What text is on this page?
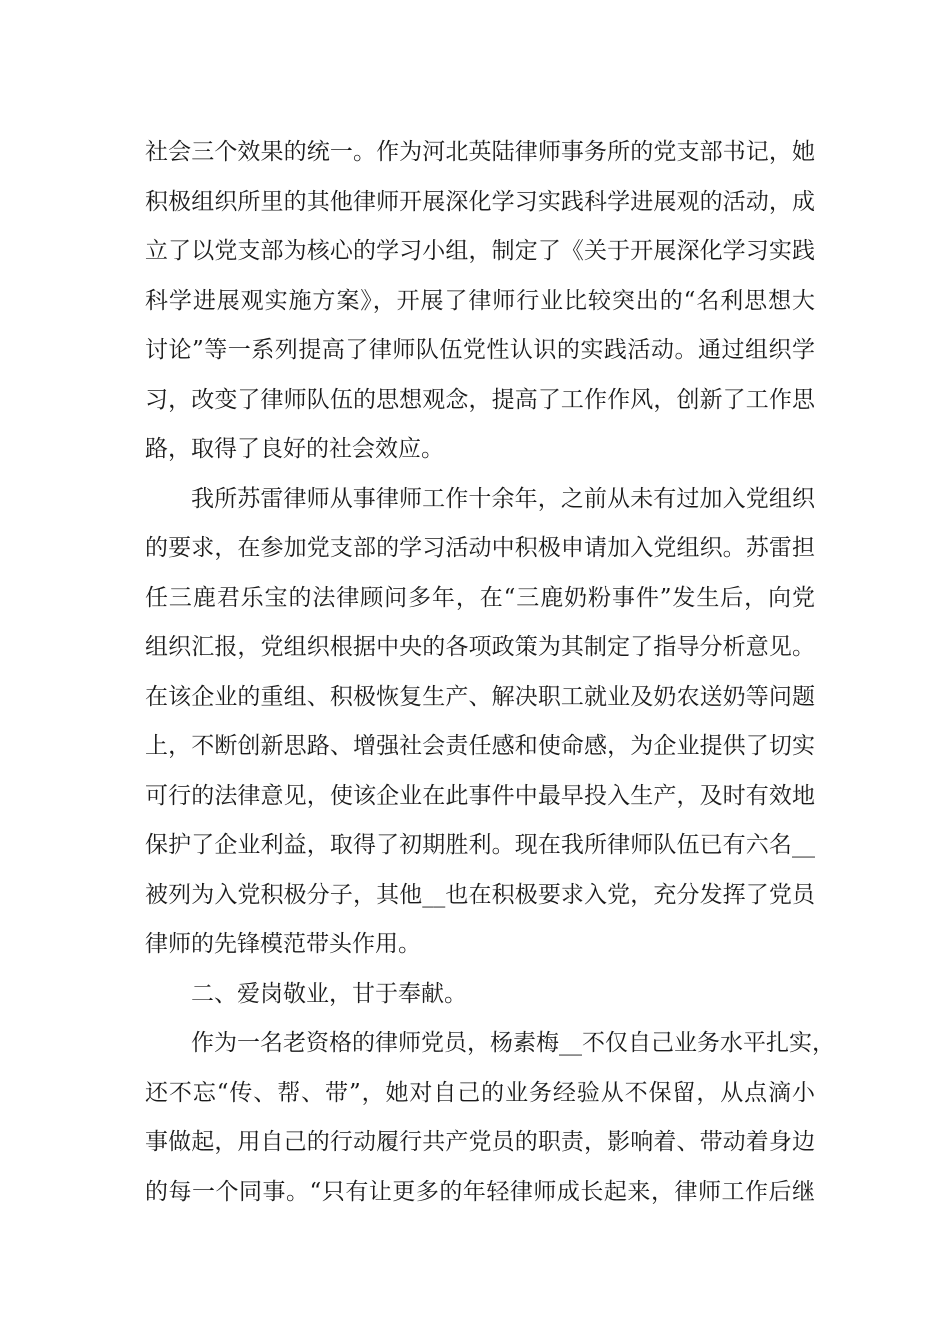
社会三个效果的统一。作为河北英陆律师事务所的党支部书记，她
积极组织所里的其他律师开展深化学习实践科学进展观的活动，成
立了以党支部为核心的学习小组，制定了《关于开展深化学习实践
科学进展观实施方案》，开展了律师行业比较突出的“名利思想大
讨论”等一系列提高了律师队伍党性认识的实践活动。通过组织学
习，改变了律师队伍的思想观念，提高了工作作风，创新了工作思
路，取得了良好的社会效应。
我所苏雷律师从事律师工作十余年，之前从未有过加入党组织
的要求，在参加党支部的学习活动中积极申请加入党组织。苏雷担
任三鹿君乐宝的法律顾问多年，在“三鹿奶粉事件”发生后，向党
组织汇报，党组织根据中央的各项政策为其制定了指导分析意见。
在该企业的重组、积极恢复生产、解决职工就业及奶农送奶等问题
上，不断创新思路、增强社会责任感和使命感，为企业提供了切实
可行的法律意见，使该企业在此事件中最早投入生产，及时有效地
保护了企业利益，取得了初期胜利。现在我所律师队伍已有六名__
被列为入党积极分子，其他__也在积极要求入党，充分发挥了党员
律师的先锋模范带头作用。
二、爱岗敬业，甘于奉献。
作为一名老资格的律师党员，杨素梅__不仅自己业务水平扎实，
还不忘“传、帮、带”，她对自己的业务经验从不保留，从点滴小
事做起，用自己的行动履行共产党员的职责，影响着、带动着身边
的每一个同事。“只有让更多的年轻律师成长起来，律师工作后继
